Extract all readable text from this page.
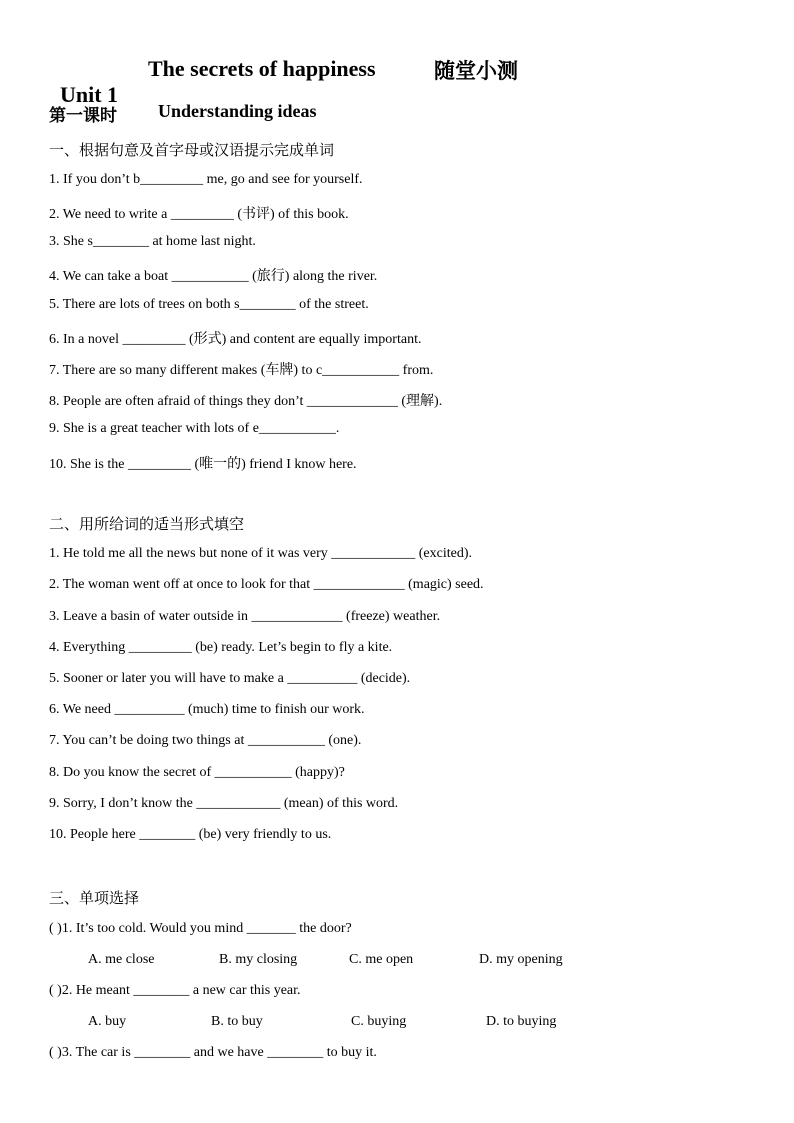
Unit 1

The secrets of happiness

	随堂小测

第一课时 Understanding ideas
一、根据句意及首字母或汉语提示完成单词
1. If you don’t b_________ me, go and see for yourself.
2. We need to write a _________ (书评) of this book.
3. She s________ at home last night.
4. We can take a boat ___________ (旅行) along the river.
5. There are lots of trees on both s________ of the street.
6. In a novel _________ (形式) and content are equally important.
7. There are so many different makes (车牌) to c___________ from.
8. People are often afraid of things they don’t _____________ (理解).
9. She is a great teacher with lots of e___________.
10. She is the _________ (唯一的) friend I know here.
二、用所给词的适当形式填空
1. He told me all the news but none of it was very ____________ (excited).
2. The woman went off at once to look for that _____________ (magic) seed.
3. Leave a basin of water outside in _____________ (freeze) weather.
4. Everything _________ (be) ready. Let’s begin to fly a kite.
5. Sooner or later you will have to make a __________ (decide).
6. We need __________ (much) time to finish our work.
7. You can’t be doing two things at ___________ (one).
8. Do you know the secret of ___________ (happy)?
9. Sorry, I don’t know the ____________ (mean) of this word.
10. People here ________ (be) very friendly to us.
三、单项选择
( )1. It’s too cold. Would you mind _______ the door?
A. me close	B. my closing	C. me open	D. my opening
( )2. He meant ________ a new car this year.
A. buy	B. to buy	C. buying	D. to buying
( )3. The car is ________ and we have ________ to buy it.
